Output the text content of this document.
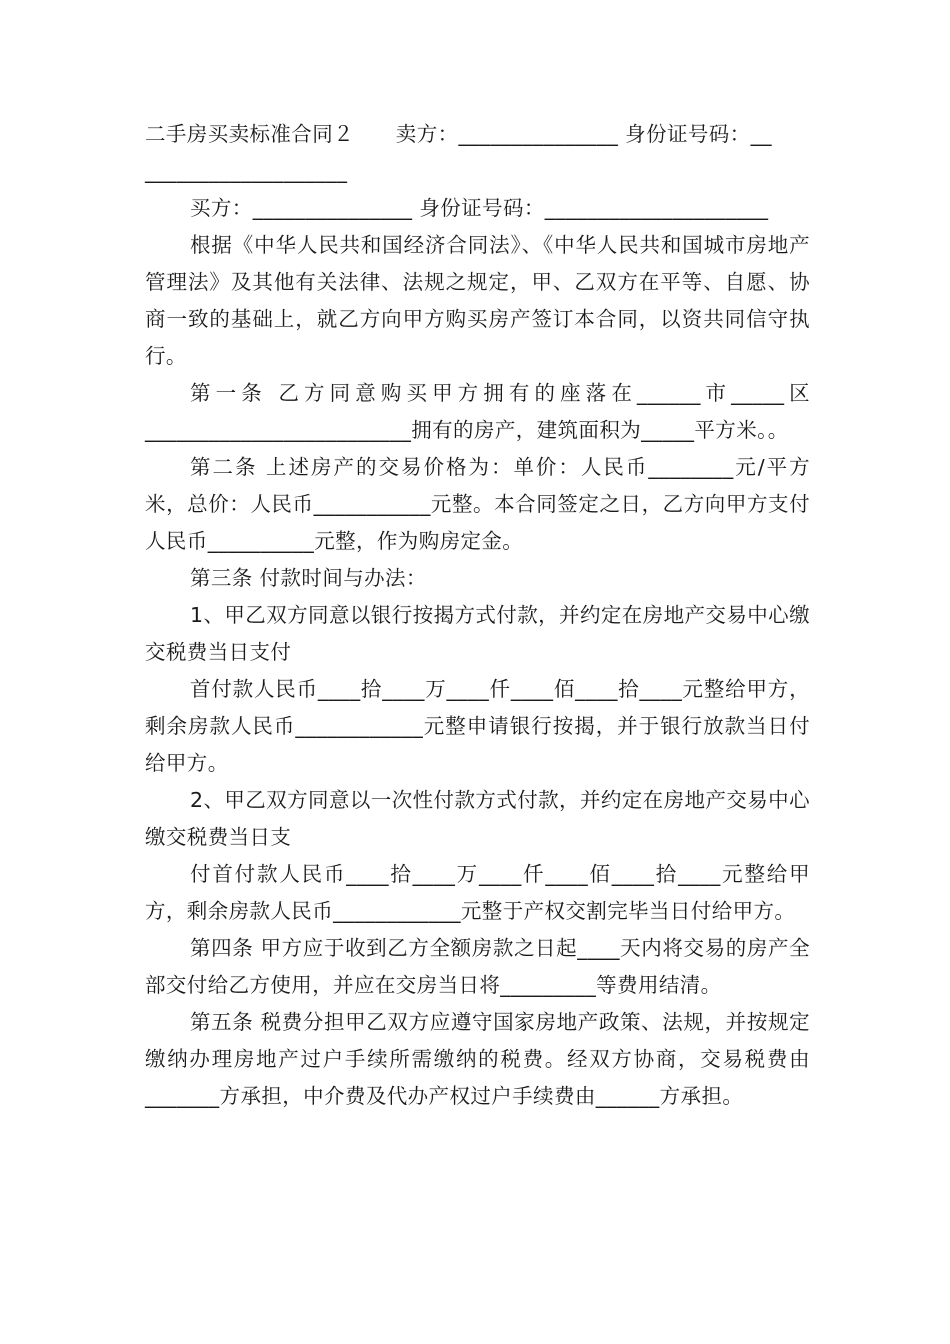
二手房买卖标准合同２　　卖方：_______________ 身份证号码：__

___________________

买方：_______________ 身份证号码：_____________________

根据《中华人民共和国经济合同法》、《中华人民共和国城市房地产管理法》及其他有关法律、法规之规定，甲、乙双方在平等、自愿、协商一致的基础上，就乙方向甲方购买房产签订本合同，以资共同信守执行。

第一条 乙方同意购买甲方拥有的座落在______市_____区_________________________拥有的房产，建筑面积为_____平方米。。

第二条 上述房产的交易价格为：单价：人民币________元/平方米，总价：人民币___________元整。本合同签定之日，乙方向甲方支付人民币__________元整，作为购房定金。

第三条 付款时间与办法：

1、甲乙双方同意以银行按揭方式付款，并约定在房地产交易中心缴交税费当日支付

首付款人民币____拾____万____仟____佰____拾____元整给甲方，剩余房款人民币____________元整申请银行按揭，并于银行放款当日付给甲方。

2、甲乙双方同意以一次性付款方式付款，并约定在房地产交易中心缴交税费当日支

付首付款人民币____拾____万____仟____佰____拾____元整给甲方，剩余房款人民币____________元整于产权交割完毕当日付给甲方。

第四条 甲方应于收到乙方全额房款之日起____天内将交易的房产全部交付给乙方使用，并应在交房当日将_________等费用结清。

第五条 税费分担甲乙双方应遵守国家房地产政策、法规，并按规定缴纳办理房地产过户手续所需缴纳的税费。经双方协商，交易税费由_______方承担，中介费及代办产权过户手续费由______方承担。
